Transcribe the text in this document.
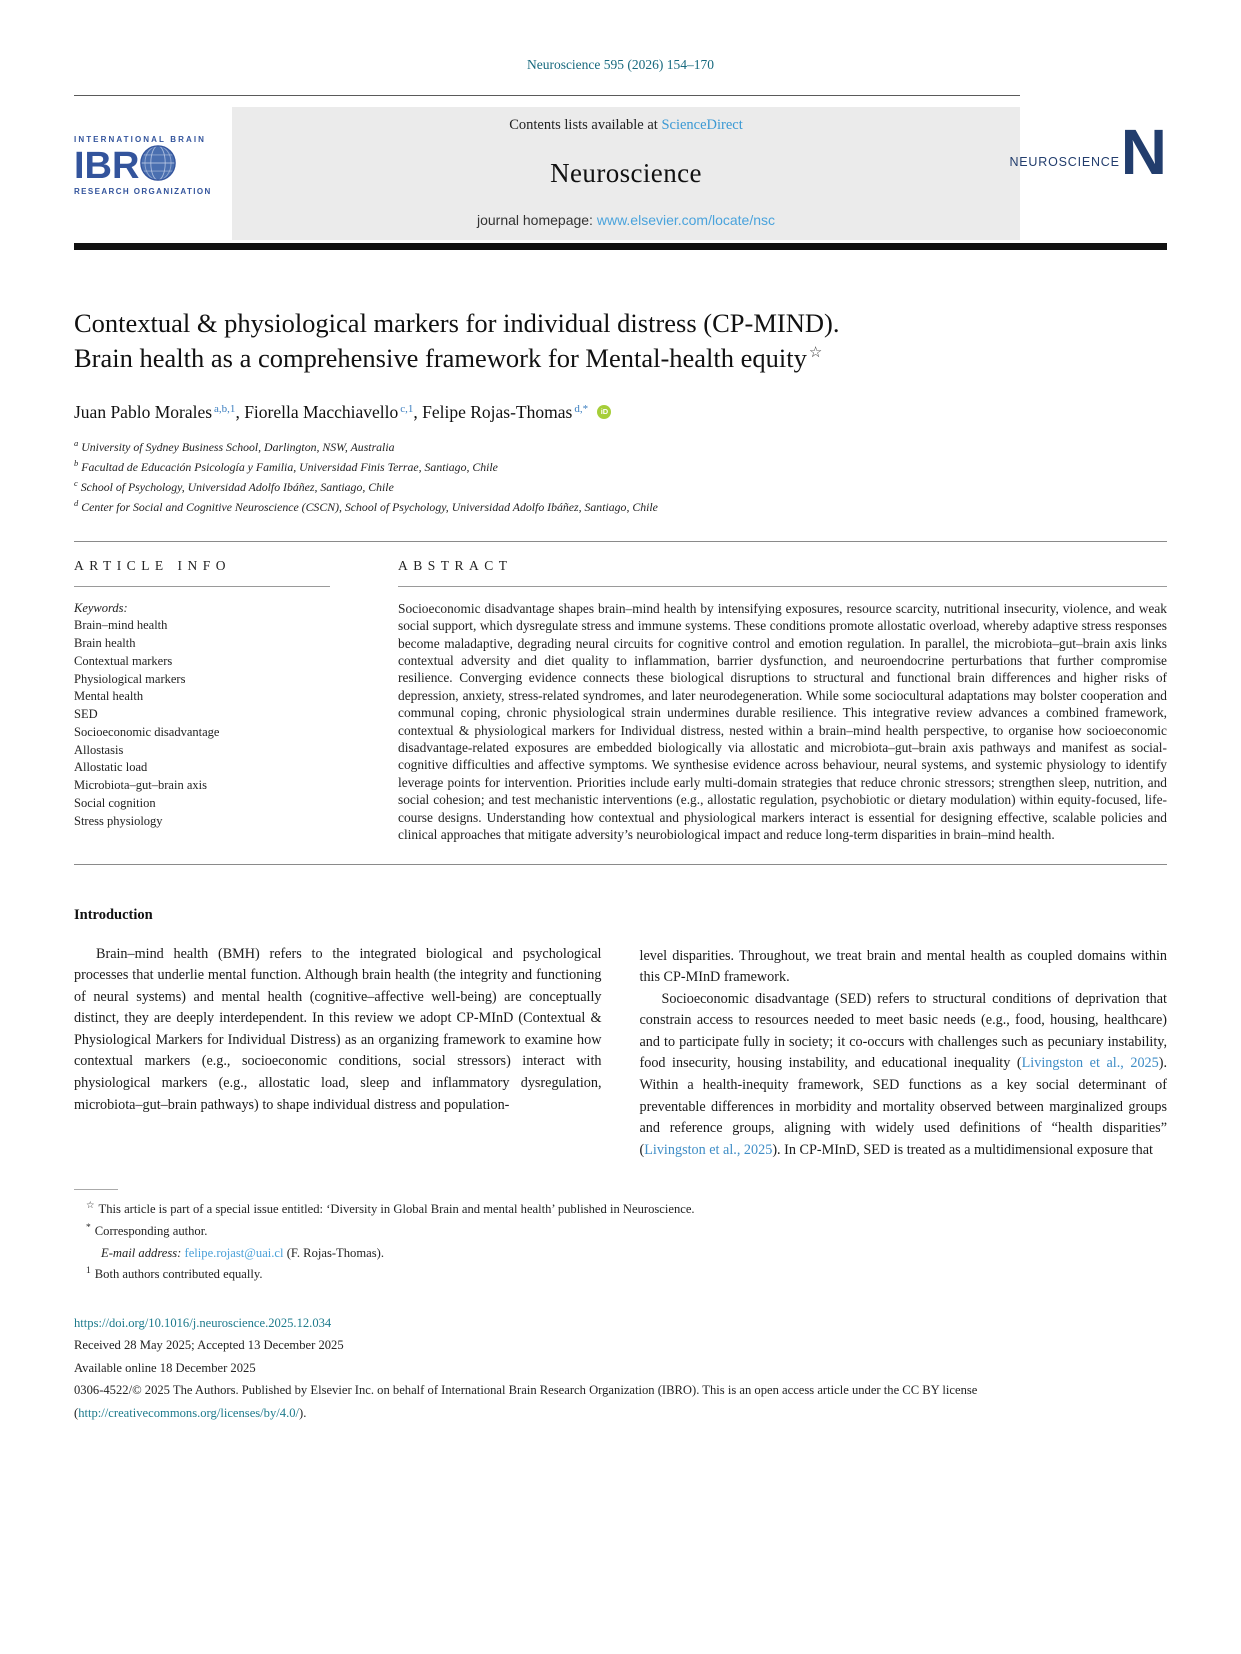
Neuroscience 595 (2026) 154–170
INTERNATIONAL BRAIN
IBR
RESEARCH ORGANIZATION
Contents lists available at ScienceDirect
Neuroscience
journal homepage: www.elsevier.com/locate/nsc
NEUROSCIENCE N
Contextual & physiological markers for individual distress (CP-MIND).
Brain health as a comprehensive framework for Mental-health equity ☆
Juan Pablo Morales $^{a,b,1}$, Fiorella Macchiavello $^{c,1}$, Felipe Rojas-Thomas $^{d,*}$ iD
$^a$ University of Sydney Business School, Darlington, NSW, Australia
$^b$ Facultad de Educación Psicología y Familia, Universidad Finis Terrae, Santiago, Chile
$^c$ School of Psychology, Universidad Adolfo Ibáñez, Santiago, Chile
$^d$ Center for Social and Cognitive Neuroscience (CSCN), School of Psychology, Universidad Adolfo Ibáñez, Santiago, Chile
ARTICLE INFO
Keywords:
Brain–mind health
Brain health
Contextual markers
Physiological markers
Mental health
SED
Socioeconomic disadvantage
Allostasis
Allostatic load
Microbiota–gut–brain axis
Social cognition
Stress physiology
ABSTRACT
Socioeconomic disadvantage shapes brain–mind health by intensifying exposures, resource scarcity, nutritional insecurity, violence, and weak social support, which dysregulate stress and immune systems. These conditions promote allostatic overload, whereby adaptive stress responses become maladaptive, degrading neural circuits for cognitive control and emotion regulation. In parallel, the microbiota–gut–brain axis links contextual adversity and diet quality to inflammation, barrier dysfunction, and neuroendocrine perturbations that further compromise resilience. Converging evidence connects these biological disruptions to structural and functional brain differences and higher risks of depression, anxiety, stress-related syndromes, and later neurodegeneration. While some sociocultural adaptations may bolster cooperation and communal coping, chronic physiological strain undermines durable resilience. This integrative review advances a combined framework, contextual & physiological markers for Individual distress, nested within a brain–mind health perspective, to organise how socioeconomic disadvantage-related exposures are embedded biologically via allostatic and microbiota–gut–brain axis pathways and manifest as social-cognitive difficulties and affective symptoms. We synthesise evidence across behaviour, neural systems, and systemic physiology to identify leverage points for intervention. Priorities include early multi-domain strategies that reduce chronic stressors; strengthen sleep, nutrition, and social cohesion; and test mechanistic interventions (e.g., allostatic regulation, psychobiotic or dietary modulation) within equity-focused, life-course designs. Understanding how contextual and physiological markers interact is essential for designing effective, scalable policies and clinical approaches that mitigate adversity’s neurobiological impact and reduce long-term disparities in brain–mind health.
Introduction

Brain–mind health (BMH) refers to the integrated biological and psychological processes that underlie mental function. Although brain health (the integrity and functioning of neural systems) and mental health (cognitive–affective well-being) are conceptually distinct, they are deeply interdependent. In this review we adopt CP-MInD (Contextual & Physiological Markers for Individual Distress) as an organizing framework to examine how contextual markers (e.g., socioeconomic conditions, social stressors) interact with physiological markers (e.g., allostatic load, sleep and inflammatory dysregulation, microbiota–gut–brain pathways) to shape individual distress and population-

level disparities. Throughout, we treat brain and mental health as coupled domains within this CP-MInD framework.

Socioeconomic disadvantage (SED) refers to structural conditions of deprivation that constrain access to resources needed to meet basic needs (e.g., food, housing, healthcare) and to participate fully in society; it co-occurs with challenges such as pecuniary instability, food insecurity, housing instability, and educational inequality (Livingston et al., 2025). Within a health-inequity framework, SED functions as a key social determinant of preventable differences in morbidity and mortality observed between marginalized groups and reference groups, aligning with widely used definitions of “health disparities” (Livingston et al., 2025). In CP-MInD, SED is treated as a multidimensional exposure that

☆ This article is part of a special issue entitled: ‘Diversity in Global Brain and mental health’ published in Neuroscience.
* Corresponding author.
E-mail address: felipe.rojast@uai.cl (F. Rojas-Thomas).
$^1$ Both authors contributed equally.
https://doi.org/10.1016/j.neuroscience.2025.12.034
Received 28 May 2025; Accepted 13 December 2025
Available online 18 December 2025
0306-4522/© 2025 The Authors. Published by Elsevier Inc. on behalf of International Brain Research Organization (IBRO). This is an open access article under the CC BY license (http://creativecommons.org/licenses/by/4.0/).
